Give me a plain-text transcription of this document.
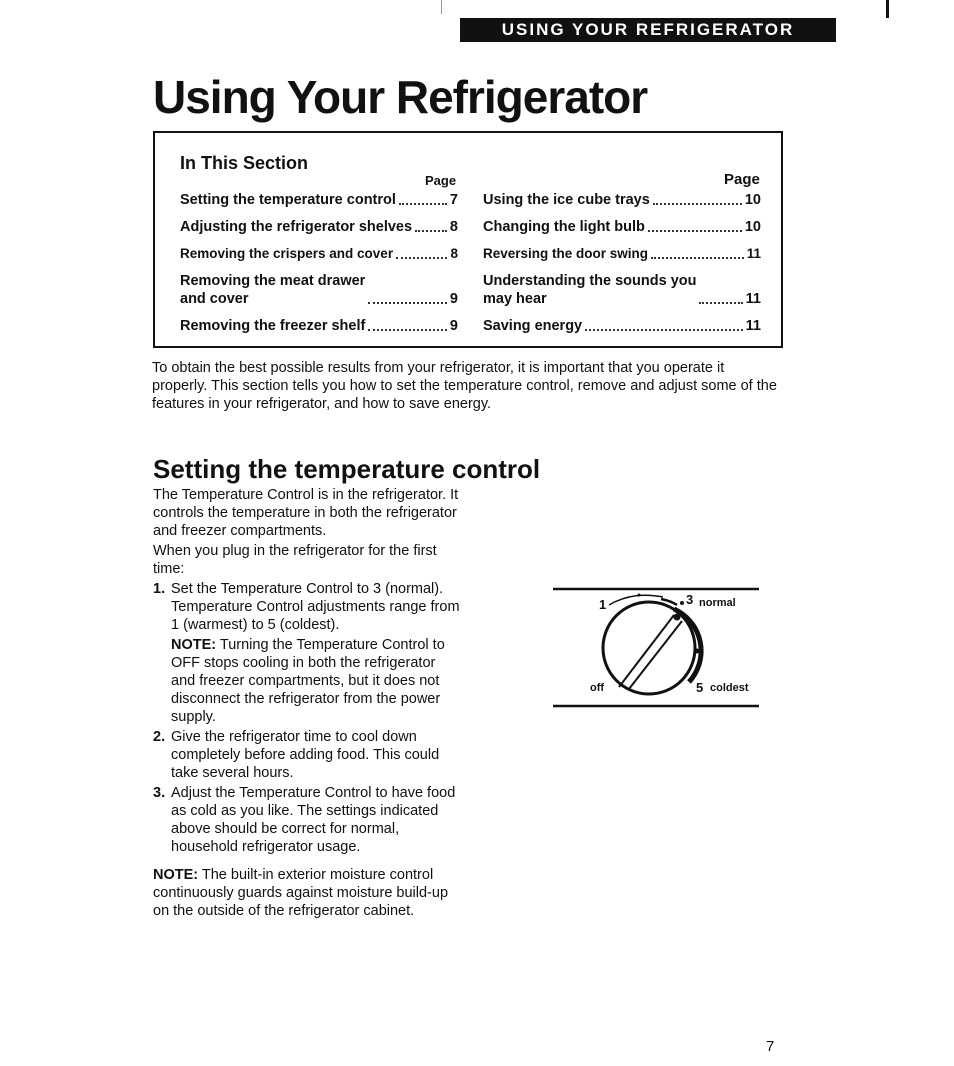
USING YOUR REFRIGERATOR
Using Your Refrigerator
In This Section
Page	Page
Setting the temperature control	7
Adjusting the refrigerator shelves	8
Removing the crispers and cover	8
Removing the meat drawer
and cover	9
Removing the freezer shelf	9
Using the ice cube trays	10
Changing the light bulb	10
Reversing the door swing	11
Understanding the sounds you
may hear	11
Saving energy	11
To obtain the best possible results from your refrigerator, it is important that you operate it properly. This section tells you how to set the temperature control, remove and adjust some of the features in your refrigerator, and how to save energy.
Setting the temperature control

The Temperature Control is in the refrigerator. It controls the temperature in both the refrigerator and freezer compartments.

When you plug in the refrigerator for the first time:

1. Set the Temperature Control to 3 (normal). Temperature Control adjustments range from 1 (warmest) to 5 (coldest).
NOTE: Turning the Temperature Control to OFF stops cooling in both the refrigerator and freezer compartments, but it does not disconnect the refrigerator from the power supply.
2. Give the refrigerator time to cool down completely before adding food. This could take several hours.
3. Adjust the Temperature Control to have food as cold as you like. The settings indicated above should be correct for normal, household refrigerator usage.

NOTE: The built-in exterior moisture control continuously guards against moisture build-up on the outside of the refrigerator cabinet.

1	3 normal
off	5 coldest
7
